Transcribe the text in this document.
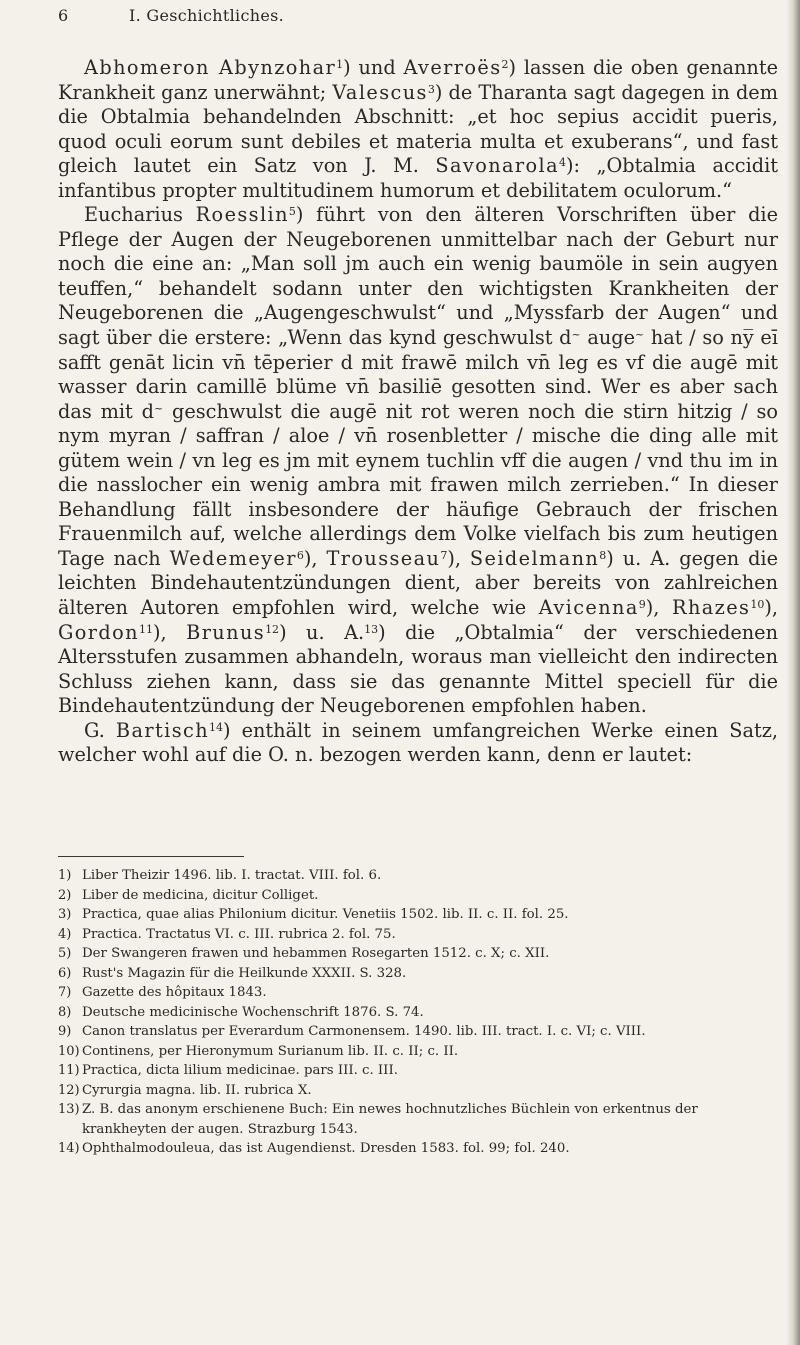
6	I. Geschichtliches.

Abhomeron Abynzohar$^1$) und Averroës$^2$) lassen die oben genannte Krankheit ganz unerwähnt; Valescus$^3$) de Tharanta sagt dagegen in dem die Obtalmia behandelnden Abschnitt: „et hoc sepius accidit pueris, quod oculi eorum sunt debiles et materia multa et exuberans“, und fast gleich lautet ein Satz von J. M. Savonarola$^4$): „Obtalmia accidit infantibus propter multitudinem humorum et debilitatem oculorum.“

Eucharius Roesslin$^5$) führt von den älteren Vorschriften über die Pflege der Augen der Neugeborenen unmittelbar nach der Geburt nur noch die eine an: „Man soll jm auch ein wenig baumöle in sein augyen teuffen,“ behandelt sodann unter den wichtigsten Krankheiten der Neugeborenen die „Augengeschwulst“ und „Myssfarb der Augen“ und sagt über die erstere: „Wenn das kynd geschwulst d~ auge~ hat / so ny̅ eī safft genāt licin vn̄ tēperier d mit frawē milch vn̄ leg es vf die augē mit wasser darin camillē blüme vn̄ basiliē gesotten sind. Wer es aber sach das mit d~ geschwulst die augē nit rot weren noch die stirn hitzig / so nym myran / saffran / aloe / vn̄ rosenbletter / mische die ding alle mit gütem wein / vn leg es jm mit eynem tuchlin vff die augen / vnd thu im in die nasslocher ein wenig ambra mit frawen milch zerrieben.“ In dieser Behandlung fällt insbesondere der häufige Gebrauch der frischen Frauenmilch auf, welche allerdings dem Volke vielfach bis zum heutigen Tage nach Wedemeyer$^6$), Trousseau$^7$), Seidelmann$^8$) u. A. gegen die leichten Bindehautentzündungen dient, aber bereits von zahlreichen älteren Autoren empfohlen wird, welche wie Avicenna$^9$), Rhazes$^{10}$), Gordon$^{11}$), Brunus$^{12}$) u. A.$^{13}$) die „Obtalmia“ der verschiedenen Altersstufen zusammen abhandeln, woraus man vielleicht den indirecten Schluss ziehen kann, dass sie das genannte Mittel speciell für die Bindehautentzündung der Neugeborenen empfohlen haben.

G. Bartisch$^{14}$) enthält in seinem umfangreichen Werke einen Satz, welcher wohl auf die O. n. bezogen werden kann, denn er lautet:

1) Liber Theizir 1496. lib. I. tractat. VIII. fol. 6.

2) Liber de medicina, dicitur Colliget.

3) Practica, quae alias Philonium dicitur. Venetiis 1502. lib. II. c. II. fol. 25.

4) Practica. Tractatus VI. c. III. rubrica 2. fol. 75.

5) Der Swangeren frawen und hebammen Rosegarten 1512. c. X; c. XII.

6) Rust's Magazin für die Heilkunde XXXII. S. 328.

7) Gazette des hôpitaux 1843.

8) Deutsche medicinische Wochenschrift 1876. S. 74.

9) Canon translatus per Everardum Carmonensem. 1490. lib. III. tract. I. c. VI; c. VIII.

10) Continens, per Hieronymum Surianum lib. II. c. II; c. II.

11) Practica, dicta lilium medicinae. pars III. c. III.

12) Cyrurgia magna. lib. II. rubrica X.

13) Z. B. das anonym erschienene Buch: Ein newes hochnutzliches Büchlein von erkentnus der krankheyten der augen. Strazburg 1543.

14) Ophthalmodouleua, das ist Augendienst. Dresden 1583. fol. 99; fol. 240.
